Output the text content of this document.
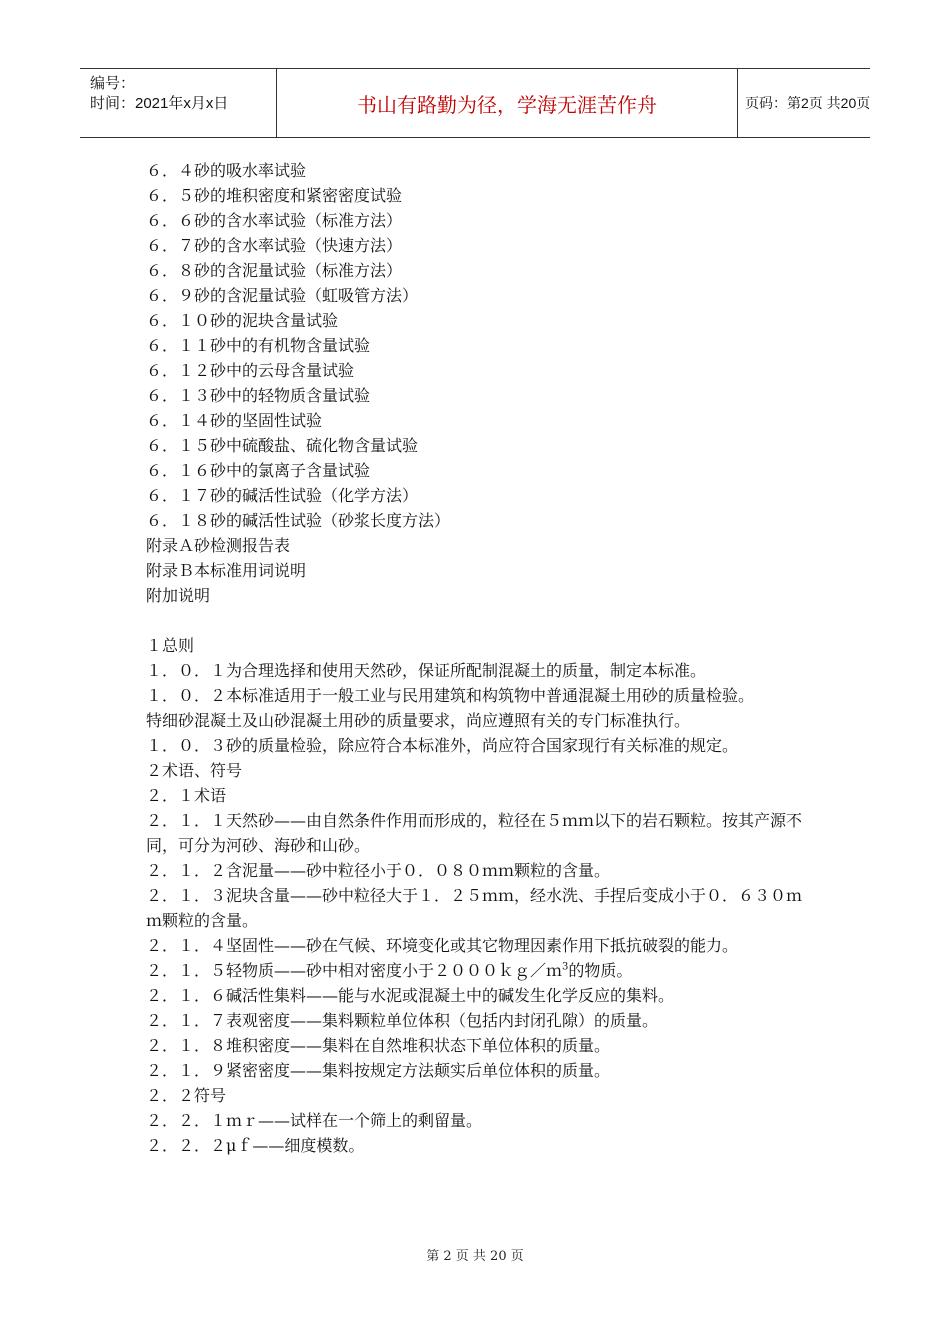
编号：
时间：2021年x月x日	书山有路勤为径，学海无涯苦作舟	页码：第2页 共20页

６．４砂的吸水率试验

６．５砂的堆积密度和紧密密度试验

６．６砂的含水率试验（标准方法）

６．７砂的含水率试验（快速方法）

６．８砂的含泥量试验（标准方法）

６．９砂的含泥量试验（虹吸管方法）

６．１０砂的泥块含量试验

６．１１砂中的有机物含量试验

６．１２砂中的云母含量试验

６．１３砂中的轻物质含量试验

６．１４砂的坚固性试验

６．１５砂中硫酸盐、硫化物含量试验

６．１６砂中的氯离子含量试验

６．１７砂的碱活性试验（化学方法）

６．１８砂的碱活性试验（砂浆长度方法）

附录Ａ砂检测报告表

附录Ｂ本标准用词说明

附加说明

１总则

１．０．１为合理选择和使用天然砂，保证所配制混凝土的质量，制定本标准。

１．０．２本标准适用于一般工业与民用建筑和构筑物中普通混凝土用砂的质量检验。

特细砂混凝土及山砂混凝土用砂的质量要求，尚应遵照有关的专门标准执行。

１．０．３砂的质量检验，除应符合本标准外，尚应符合国家现行有关标准的规定。

２术语、符号

２．１术语

２．１．１天然砂——由自然条件作用而形成的，粒径在５ｍｍ以下的岩石颗粒。按其产源不同，可分为河砂、海砂和山砂。

２．１．２含泥量——砂中粒径小于０．０８０ｍｍ颗粒的含量。

２．１．３泥块含量——砂中粒径大于１．２５ｍｍ，经水洗、手捏后变成小于０．６３０ｍｍ颗粒的含量。

２．１．４坚固性——砂在气候、环境变化或其它物理因素作用下抵抗破裂的能力。

２．１．５轻物质——砂中相对密度小于２０００ｋｇ／ｍ$^3$的物质。

２．１．６碱活性集料——能与水泥或混凝土中的碱发生化学反应的集料。

２．１．７表观密度——集料颗粒单位体积（包括内封闭孔隙）的质量。

２．１．８堆积密度——集料在自然堆积状态下单位体积的质量。

２．１．９紧密密度——集料按规定方法颠实后单位体积的质量。

２．２符号

２．２．１ｍｒ——试样在一个筛上的剩留量。

２．２．２μｆ——细度模数。

第 2 页 共 20 页
